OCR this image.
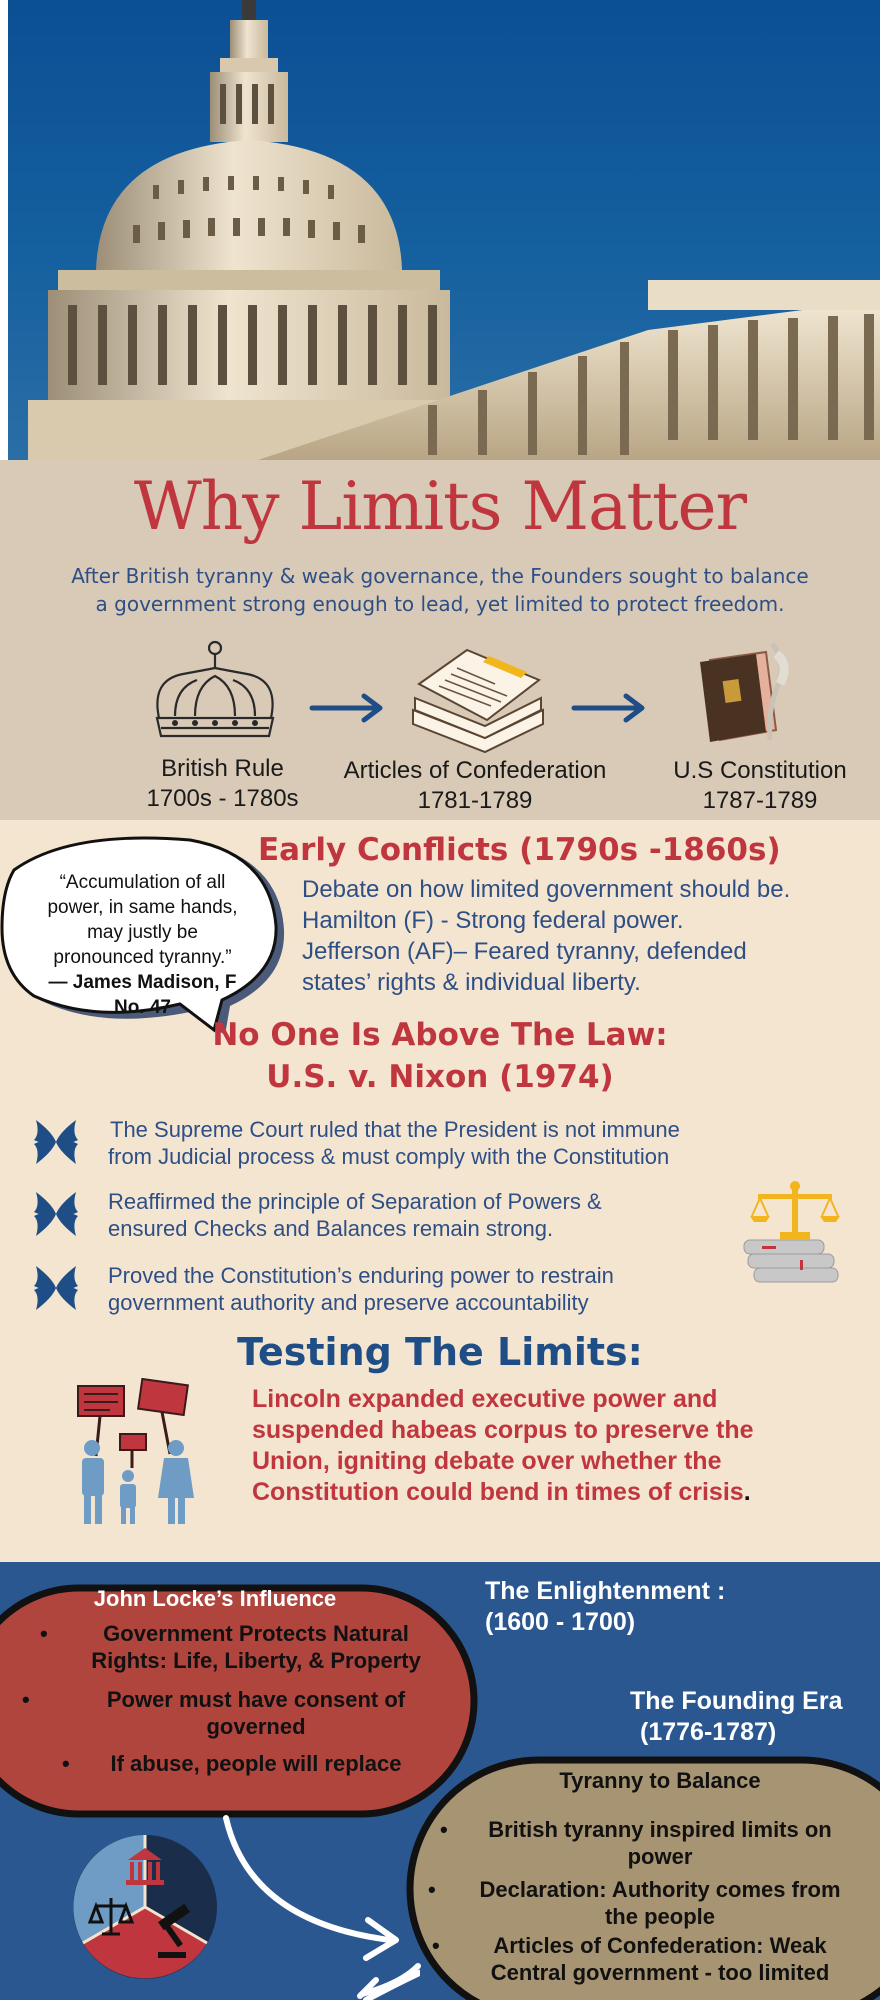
Why Limits Matter
After British tyranny & weak governance, the Founders sought to balance
a government strong enough to lead, yet limited to protect freedom.
British Rule
1700s - 1780s
Articles of Confederation
1781-1789
U.S Constitution
1787-1789
“Accumulation of all
power, in same hands,
may justly be
pronounced tyranny.”
— James Madison, F
No. 47
Early Conflicts (1790s -1860s)
Debate on how limited government should be.
Hamilton (F) - Strong federal power.
Jefferson (AF)– Feared tyranny, defended
states’ rights & individual liberty.
No One Is Above The Law:
U.S. v. Nixon (1974)
The Supreme Court ruled that the President is not immune
from Judicial process & must comply with the Constitution
Reaffirmed the principle of Separation of Powers &
ensured Checks and Balances remain strong.
Proved the Constitution’s enduring power to restrain
government authority and preserve accountability
Testing The Limits:
Lincoln expanded executive power and
suspended habeas corpus to preserve the
Union, igniting debate over whether the
Constitution could bend in times of crisis.
John Locke’s Influence
•	Government Protects Natural
Rights: Life, Liberty, & Property
•	Power must have consent of
governed
•	If abuse, people will replace
The Enlightenment :
(1600 - 1700)
The Founding Era
(1776-1787)
Tyranny to Balance
•	British tyranny inspired limits on
power
•	Declaration: Authority comes from
the people
•	Articles of Confederation: Weak
Central government - too limited
